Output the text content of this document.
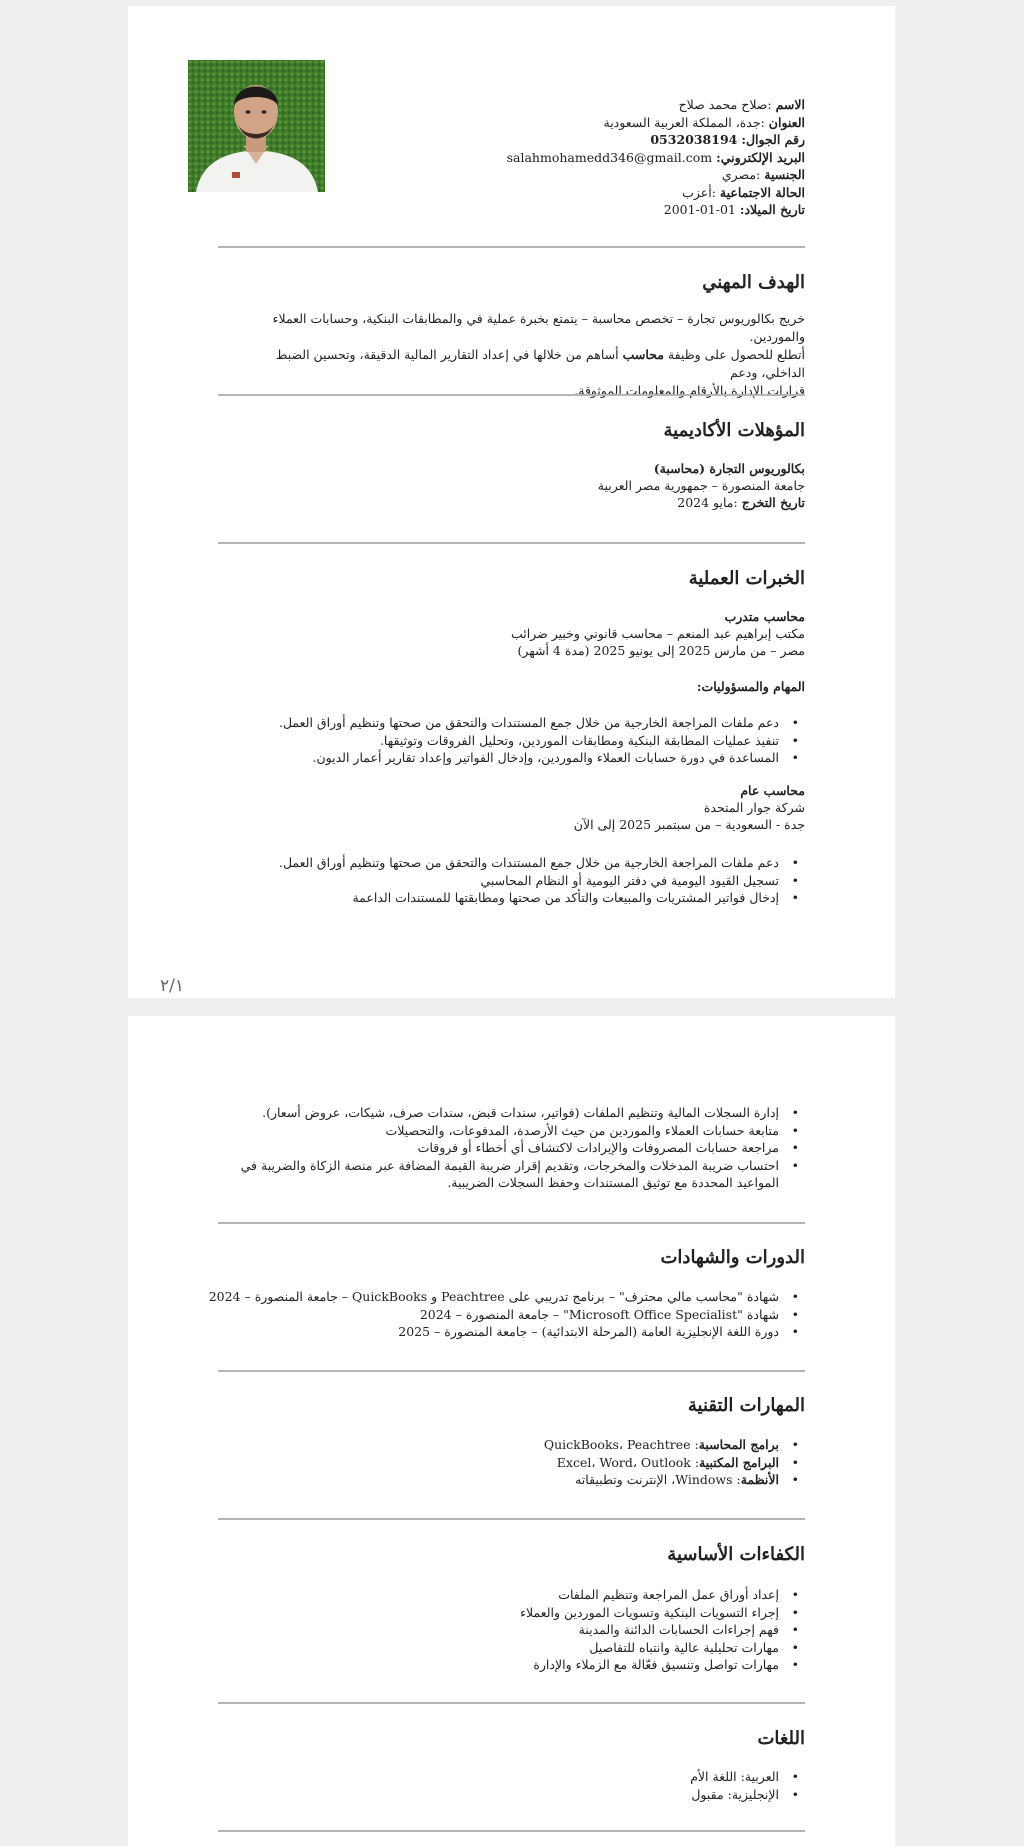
الاسم :صلاح محمد صلاح
العنوان :جدة، المملكة العربية السعودية
رقم الجوال: 0532038194
البريد الإلكتروني: salahmohamedd346@gmail.com
الجنسية :مصري
الحالة الاجتماعية :أعزب
تاريخ الميلاد: 01-01-2001
الهدف المهني
خريج بكالوريوس تجارة – تخصص محاسبة – يتمتع بخبرة عملية في والمطابقات البنكية، وحسابات العملاء والموردين.
أتطلع للحصول على وظيفة محاسب أساهم من خلالها في إعداد التقارير المالية الدقيقة، وتحسين الضبط الداخلي، ودعم
قرارات الإدارة بالأرقام والمعلومات الموثوقة.
المؤهلات الأكاديمية
بكالوريوس التجارة (محاسبة)
جامعة المنصورة – جمهورية مصر العربية
تاريخ التخرج :مايو 2024
الخبرات العملية
محاسب متدرب
مكتب إبراهيم عبد المنعم – محاسب قانوني وخبير ضرائب
مصر – من مارس 2025 إلى يونيو 2025 (مدة 4 أشهر)
المهام والمسؤوليات:
• دعم ملفات المراجعة الخارجية من خلال جمع المستندات والتحقق من صحتها وتنظيم أوراق العمل.
• تنفيذ عمليات المطابقة البنكية ومطابقات الموردين، وتحليل الفروقات وتوثيقها.
• المساعدة في دورة حسابات العملاء والموردين، وإدخال الفواتير وإعداد تقارير أعمار الديون.
محاسب عام
شركة جوار المتحدة
جدة - السعودية – من سبتمبر 2025 إلى الآن
• دعم ملفات المراجعة الخارجية من خلال جمع المستندات والتحقق من صحتها وتنظيم أوراق العمل.
• تسجيل القيود اليومية في دفتر اليومية أو النظام المحاسبي
• إدخال فواتير المشتريات والمبيعات والتأكد من صحتها ومطابقتها للمستندات الداعمة
٢/١
• إدارة السجلات المالية وتنظيم الملفات (فواتير، سندات قبض، سندات صرف، شيكات، عروض أسعار).
• متابعة حسابات العملاء والموردين من حيث الأرصدة، المدفوعات، والتحصيلات
• مراجعة حسابات المصروفات والإيرادات لاكتشاف أي أخطاء أو فروقات
• احتساب ضريبة المدخلات والمخرجات، وتقديم إقرار ضريبة القيمة المضافة عبر منصة الزكاة والضريبة في
المواعيد المحددة مع توثيق المستندات وحفظ السجلات الضريبية.
الدورات والشهادات
• شهادة "محاسب مالي محترف" – برنامج تدريبي على Peachtree و QuickBooks – جامعة المنصورة – 2024
• شهادة "Microsoft Office Specialist" – جامعة المنصورة – 2024
• دورة اللغة الإنجليزية العامة (المرحلة الابتدائية) – جامعة المنصورة – 2025
المهارات التقنية
• برامج المحاسبة: QuickBooks، Peachtree
• البرامج المكتبية: Excel، Word، Outlook
• الأنظمة: Windows، الإنترنت وتطبيقاته
الكفاءات الأساسية
• إعداد أوراق عمل المراجعة وتنظيم الملفات
• إجراء التسويات البنكية وتسويات الموردين والعملاء
• فهم إجراءات الحسابات الدائنة والمدينة
• مهارات تحليلية عالية وانتباه للتفاصيل
• مهارات تواصل وتنسيق فعّالة مع الزملاء والإدارة
اللغات
• العربية: اللغة الأم
• الإنجليزية: مقبول
